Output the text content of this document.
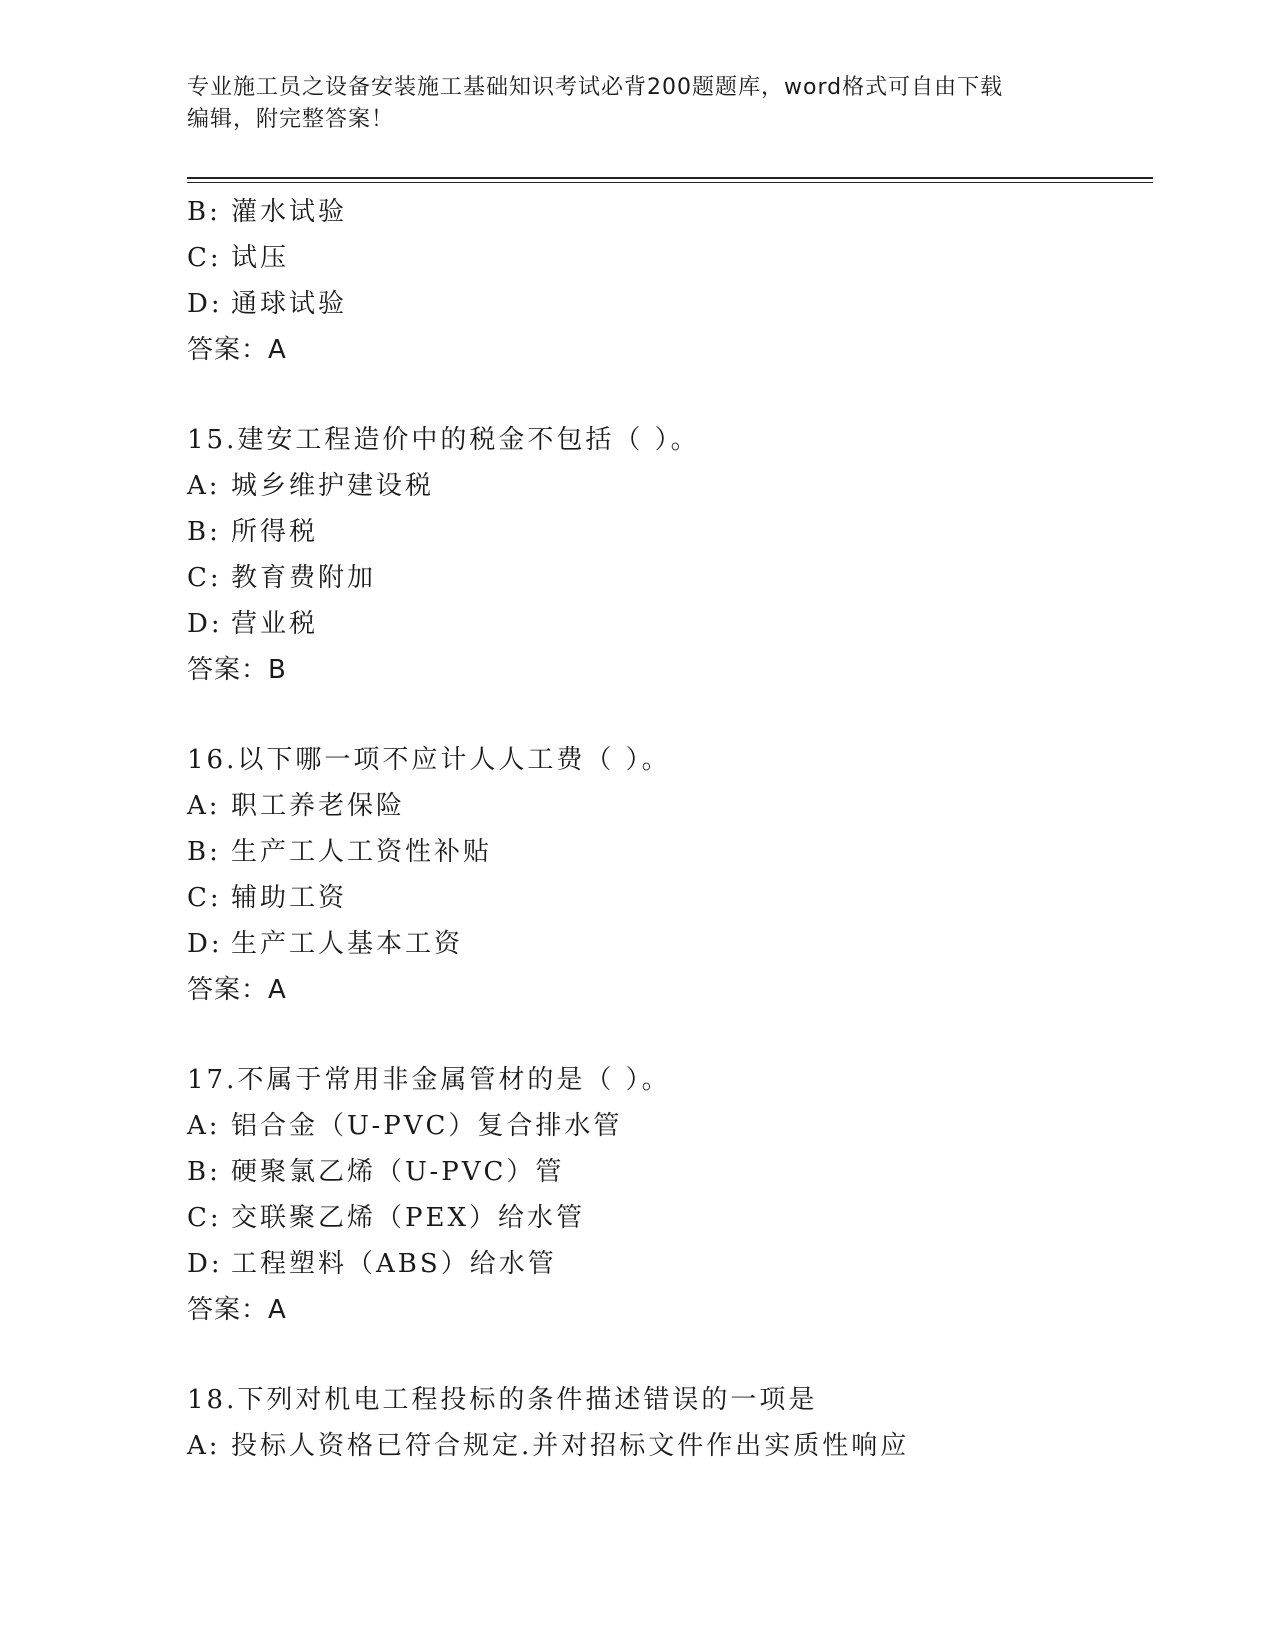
专业施工员之设备安装施工基础知识考试必背200题题库，word格式可自由下载
编辑，附完整答案！
B: 灌水试验
C: 试压
D: 通球试验
答案：A
15.建安工程造价中的税金不包括（ ）。
A: 城乡维护建设税
B: 所得税
C: 教育费附加
D: 营业税
答案：B
16.以下哪一项不应计人人工费（ ）。
A: 职工养老保险
B: 生产工人工资性补贴
C: 辅助工资
D: 生产工人基本工资
答案：A
17.不属于常用非金属管材的是（ ）。
A: 铝合金（U-PVC）复合排水管
B: 硬聚氯乙烯（U-PVC）管
C: 交联聚乙烯（PEX）给水管
D: 工程塑料（ABS）给水管
答案：A
18.下列对机电工程投标的条件描述错误的一项是
A: 投标人资格已符合规定.并对招标文件作出实质性响应
